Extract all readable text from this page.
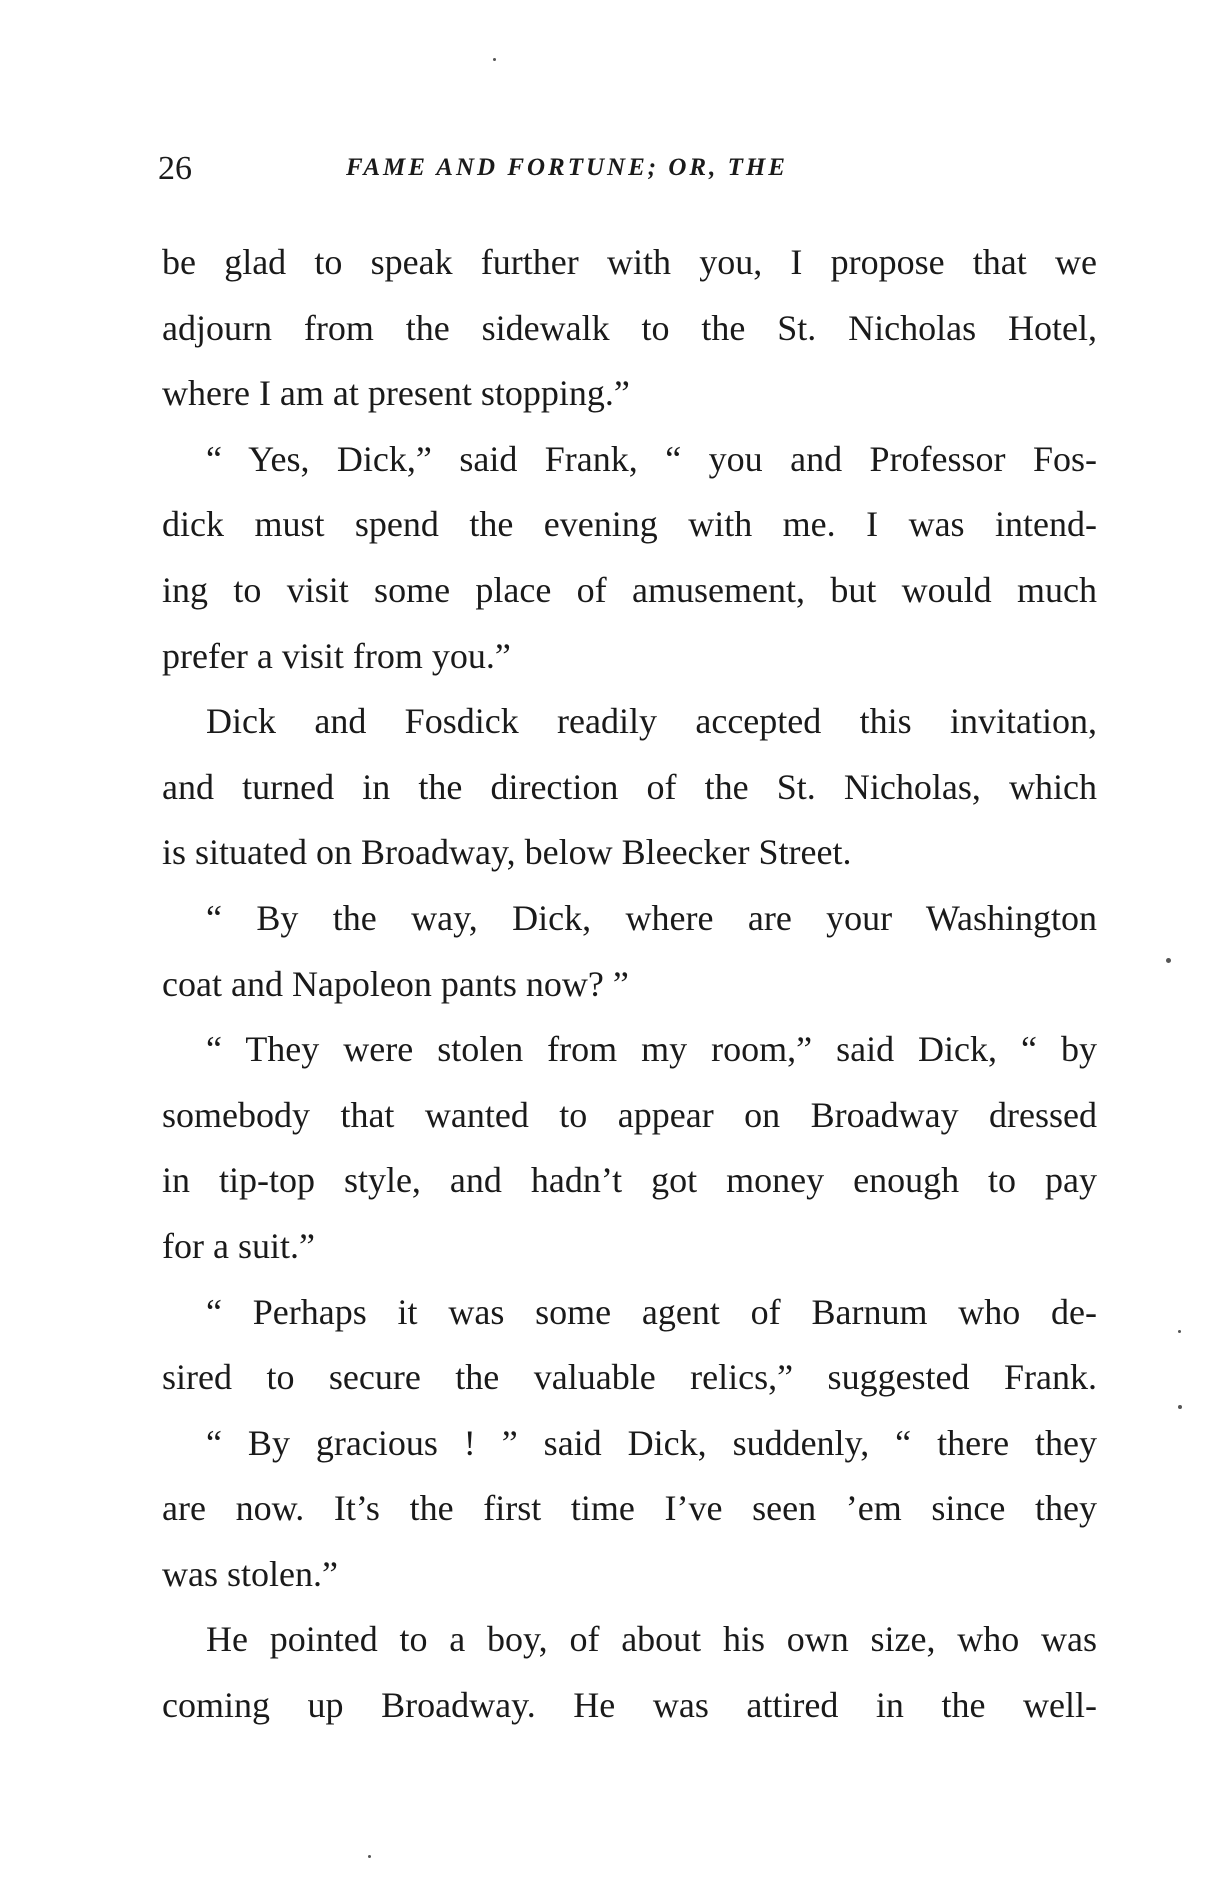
26	FAME AND FORTUNE; OR, THE
be glad to speak further with you, I propose that we
adjourn from the sidewalk to the St. Nicholas Hotel,
where I am at present stopping.”
“ Yes, Dick,” said Frank, “ you and Professor Fos-
dick must spend the evening with me. I was intend-
ing to visit some place of amusement, but would much
prefer a visit from you.”
Dick and Fosdick readily accepted this invitation,
and turned in the direction of the St. Nicholas, which
is situated on Broadway, below Bleecker Street.
“ By the way, Dick, where are your Washington
coat and Napoleon pants now? ”
“ They were stolen from my room,” said Dick, “ by
somebody that wanted to appear on Broadway dressed
in tip-top style, and hadn’t got money enough to pay
for a suit.”
“ Perhaps it was some agent of Barnum who de-
sired to secure the valuable relics,” suggested Frank.
“ By gracious ! ” said Dick, suddenly, “ there they
are now. It’s the first time I’ve seen ’em since they
was stolen.”
He pointed to a boy, of about his own size, who was
coming up Broadway. He was attired in the well-
